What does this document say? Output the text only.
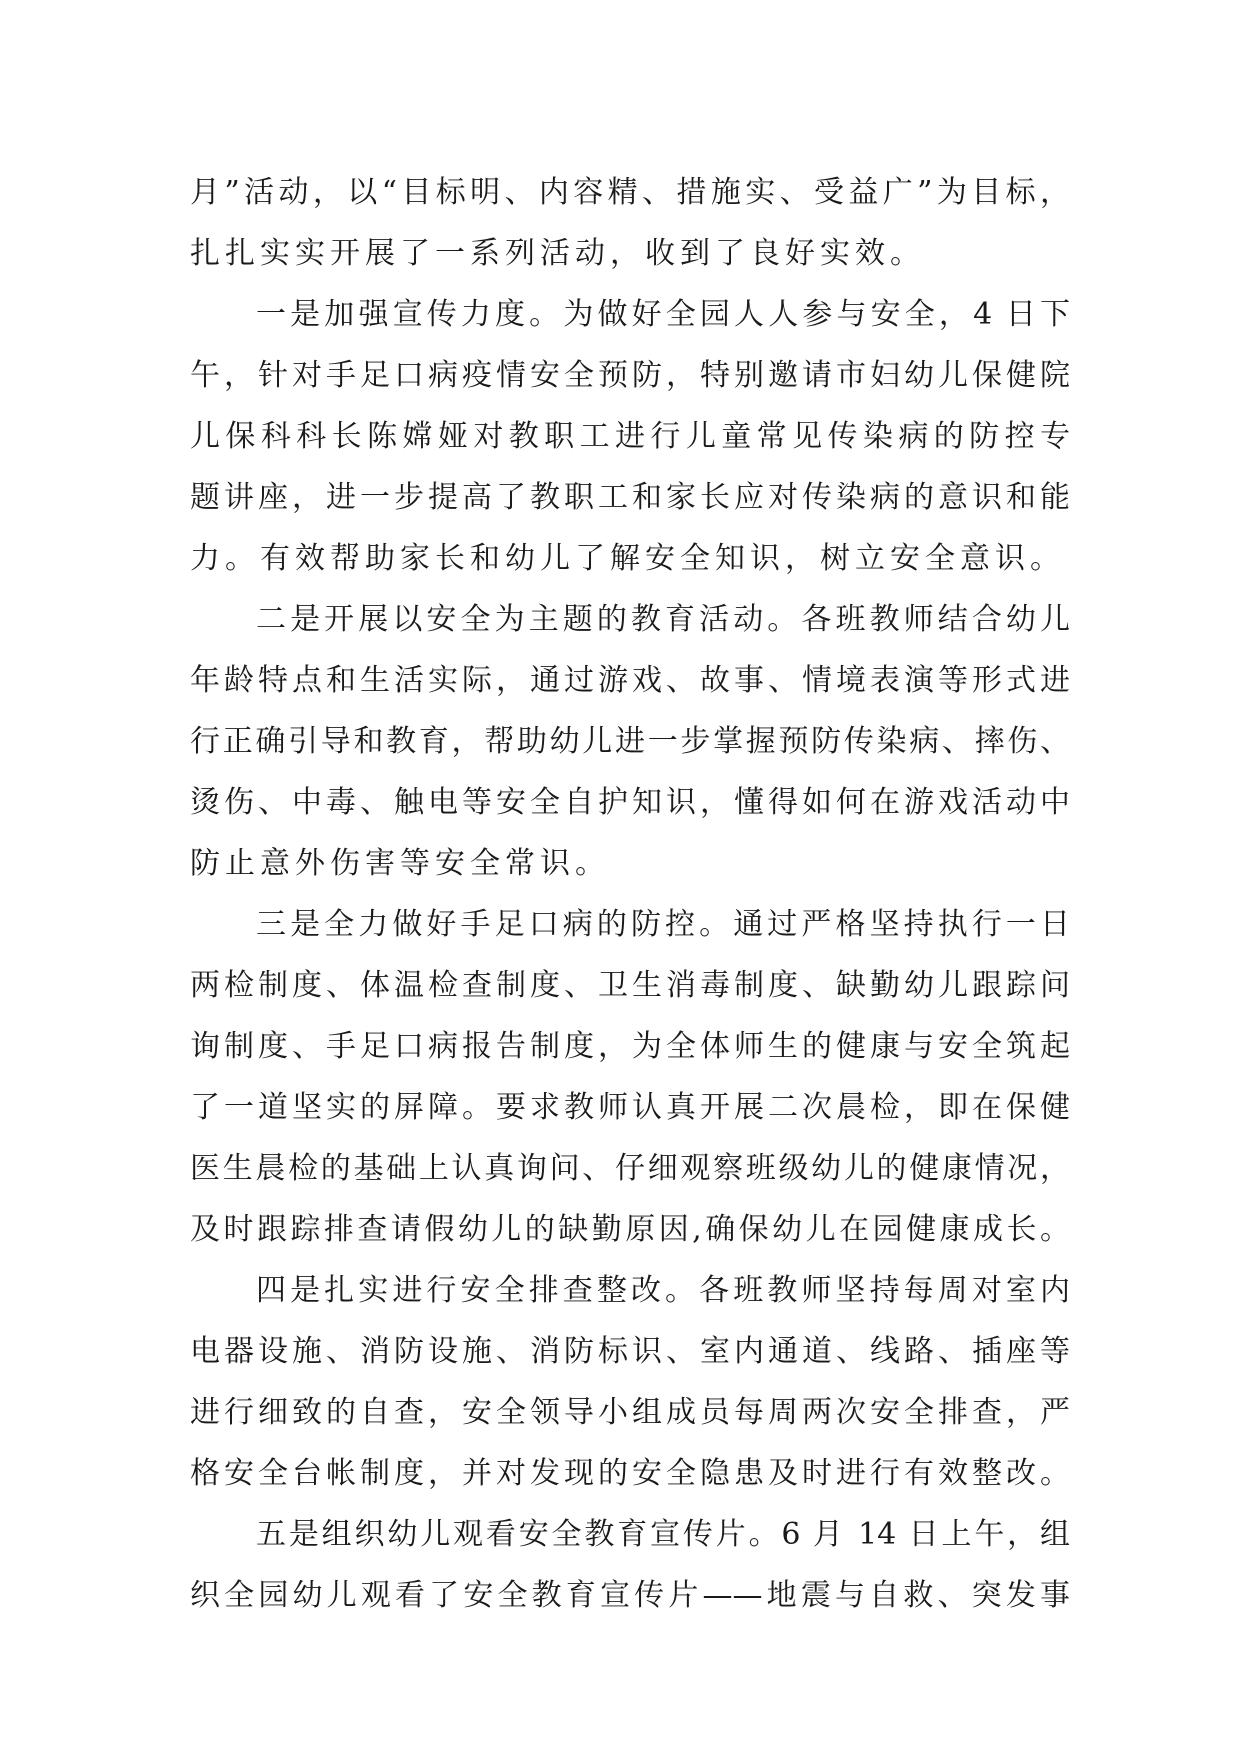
月”活动，以“目标明、内容精、措施实、受益广”为目标，
扎扎实实开展了一系列活动，收到了良好实效。
一是加强宣传力度。为做好全园人人参与安全，4 日下
午，针对手足口病疫情安全预防，特别邀请市妇幼儿保健院
儿保科科长陈嫦娅对教职工进行儿童常见传染病的防控专
题讲座，进一步提高了教职工和家长应对传染病的意识和能
力。有效帮助家长和幼儿了解安全知识，树立安全意识。
二是开展以安全为主题的教育活动。各班教师结合幼儿
年龄特点和生活实际，通过游戏、故事、情境表演等形式进
行正确引导和教育，帮助幼儿进一步掌握预防传染病、摔伤、
烫伤、中毒、触电等安全自护知识，懂得如何在游戏活动中
防止意外伤害等安全常识。
三是全力做好手足口病的防控。通过严格坚持执行一日
两检制度、体温检查制度、卫生消毒制度、缺勤幼儿跟踪问
询制度、手足口病报告制度，为全体师生的健康与安全筑起
了一道坚实的屏障。要求教师认真开展二次晨检，即在保健
医生晨检的基础上认真询问、仔细观察班级幼儿的健康情况，
及时跟踪排查请假幼儿的缺勤原因,确保幼儿在园健康成长。
四是扎实进行安全排查整改。各班教师坚持每周对室内
电器设施、消防设施、消防标识、室内通道、线路、插座等
进行细致的自查，安全领导小组成员每周两次安全排查，严
格安全台帐制度，并对发现的安全隐患及时进行有效整改。
五是组织幼儿观看安全教育宣传片。6 月 14 日上午，组
织全园幼儿观看了安全教育宣传片——地震与自救、突发事
